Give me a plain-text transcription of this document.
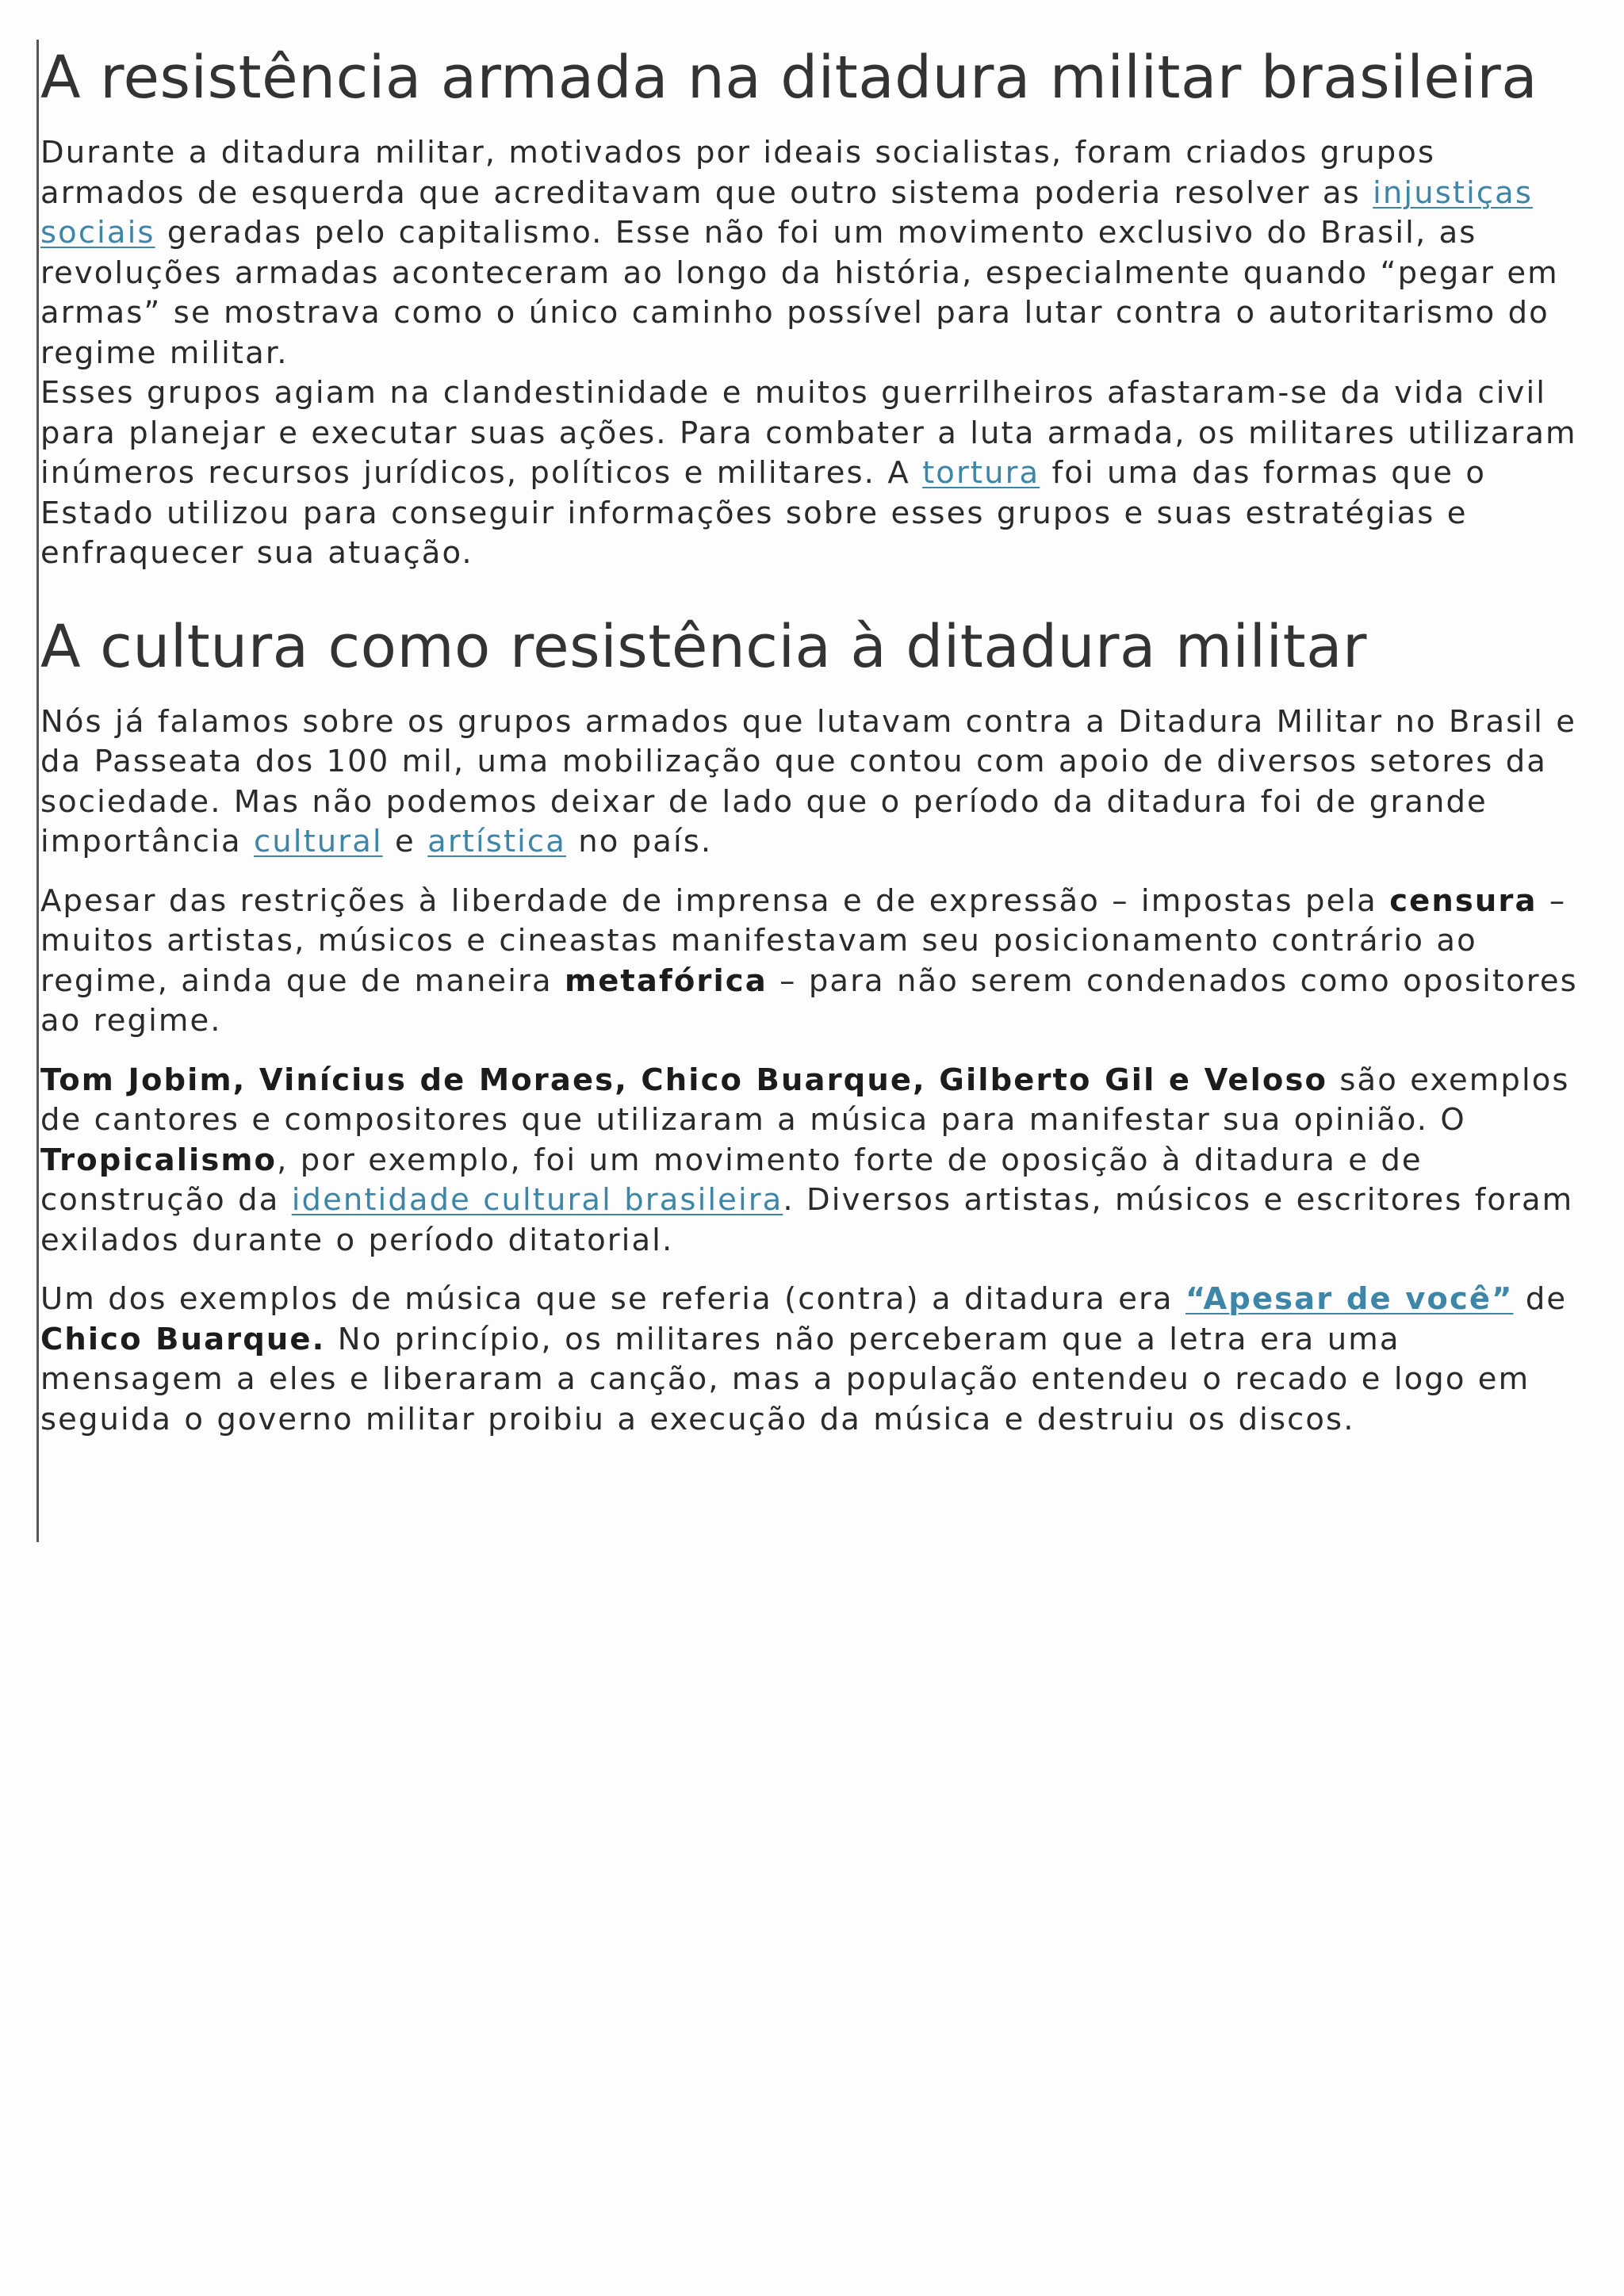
A resistência armada na ditadura militar brasileira

Durante a ditadura militar, motivados por ideais socialistas, foram criados grupos armados de esquerda que acreditavam que outro sistema poderia resolver as injustiças sociais geradas pelo capitalismo. Esse não foi um movimento exclusivo do Brasil, as revoluções armadas aconteceram ao longo da história, especialmente quando “pegar em armas” se mostrava como o único caminho possível para lutar contra o autoritarismo do regime militar.

Esses grupos agiam na clandestinidade e muitos guerrilheiros afastaram-se da vida civil para planejar e executar suas ações. Para combater a luta armada, os militares utilizaram inúmeros recursos jurídicos, políticos e militares. A tortura foi uma das formas que o Estado utilizou para conseguir informações sobre esses grupos e suas estratégias e enfraquecer sua atuação.

A cultura como resistência à ditadura militar

Nós já falamos sobre os grupos armados que lutavam contra a Ditadura Militar no Brasil e da Passeata dos 100 mil, uma mobilização que contou com apoio de diversos setores da sociedade. Mas não podemos deixar de lado que o período da ditadura foi de grande importância cultural e artística no país.

Apesar das restrições à liberdade de imprensa e de expressão – impostas pela censura – muitos artistas, músicos e cineastas manifestavam seu posicionamento contrário ao regime, ainda que de maneira metafórica – para não serem condenados como opositores ao regime.

Tom Jobim, Vinícius de Moraes, Chico Buarque, Gilberto Gil e Veloso são exemplos de cantores e compositores que utilizaram a música para manifestar sua opinião. O Tropicalismo, por exemplo, foi um movimento forte de oposição à ditadura e de construção da identidade cultural brasileira. Diversos artistas, músicos e escritores foram exilados durante o período ditatorial.

Um dos exemplos de música que se referia (contra) a ditadura era “Apesar de você” de Chico Buarque. No princípio, os militares não perceberam que a letra era uma mensagem a eles e liberaram a canção, mas a população entendeu o recado e logo em seguida o governo militar proibiu a execução da música e destruiu os discos.
